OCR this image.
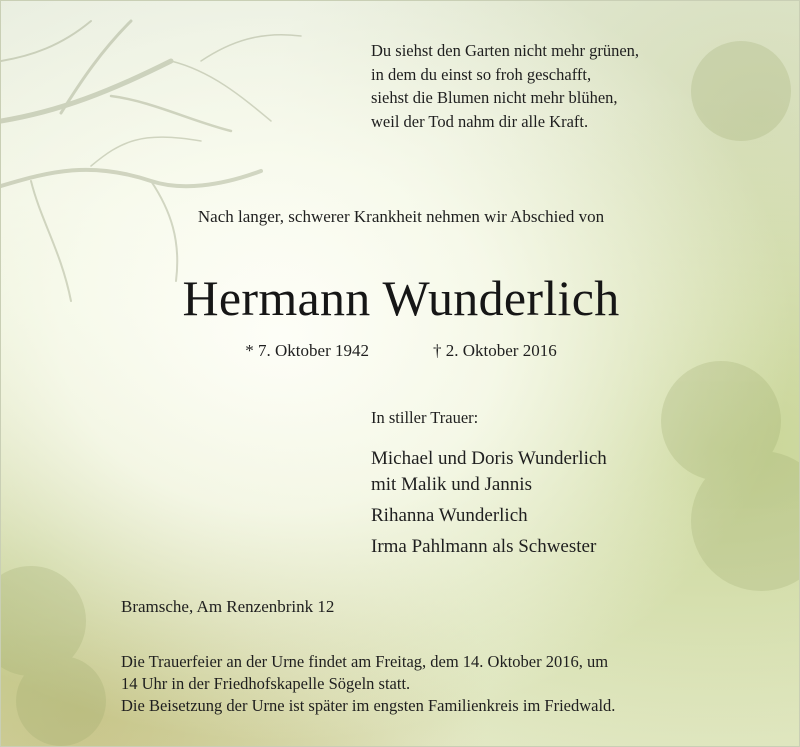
Du siehst den Garten nicht mehr grünen,
in dem du einst so froh geschafft,
siehst die Blumen nicht mehr blühen,
weil der Tod nahm dir alle Kraft.
Nach langer, schwerer Krankheit nehmen wir Abschied von
Hermann Wunderlich
* 7. Oktober 1942	† 2. Oktober 2016
In stiller Trauer:
Michael und Doris Wunderlich
mit Malik und Jannis
Rihanna Wunderlich
Irma Pahlmann als Schwester
Bramsche, Am Renzenbrink 12
Die Trauerfeier an der Urne findet am Freitag, dem 14. Oktober 2016, um
14 Uhr in der Friedhofskapelle Sögeln statt.
Die Beisetzung der Urne ist später im engsten Familienkreis im Friedwald.
